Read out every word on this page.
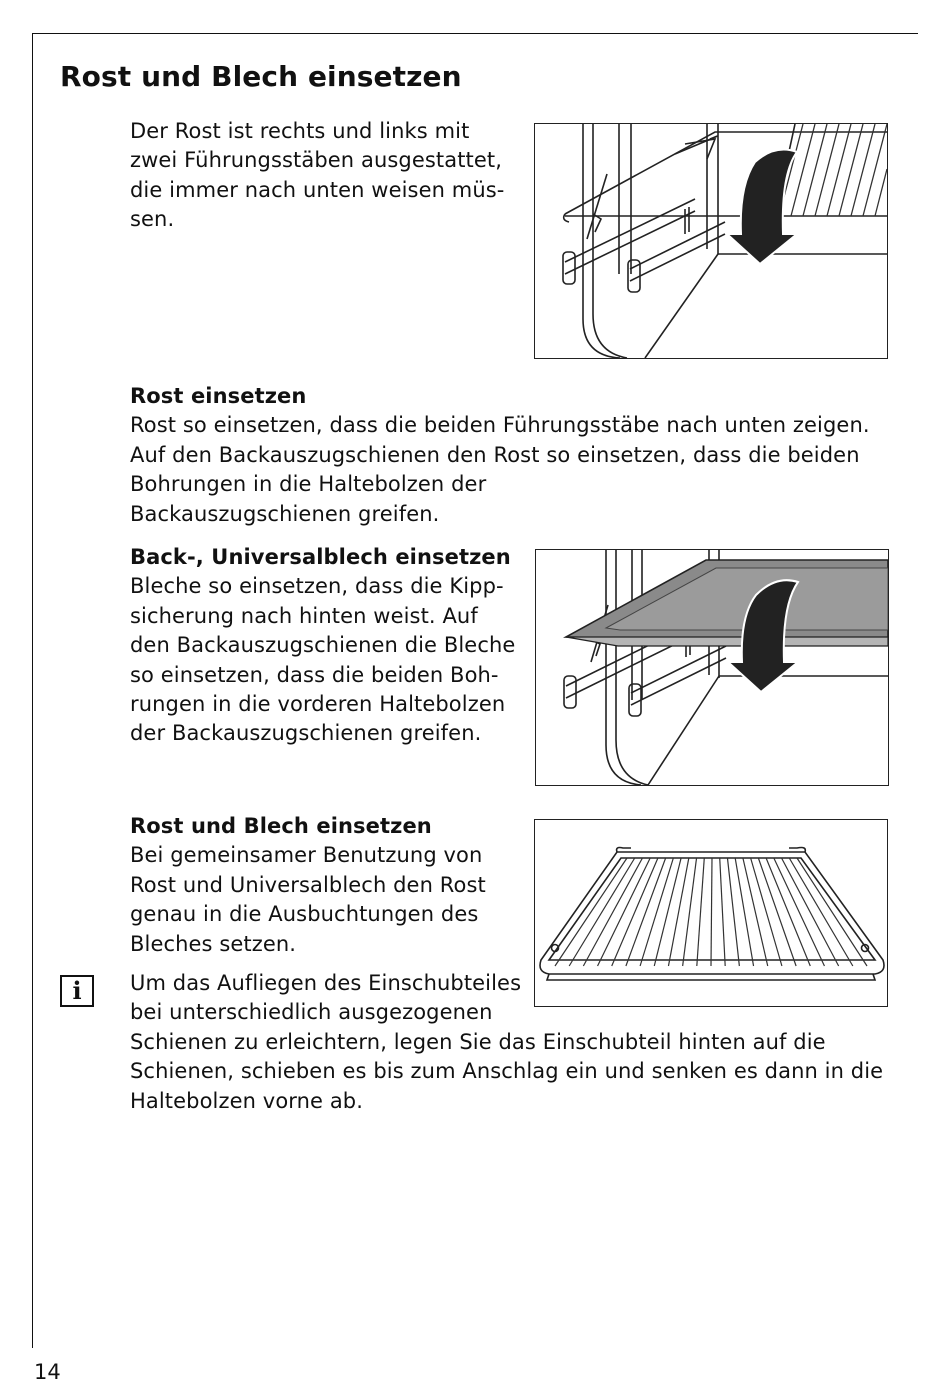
Rost und Blech einsetzen
Der Rost ist rechts und links mit
zwei Führungsstäben ausgestattet,
die immer nach unten weisen müs-
sen.
Rost einsetzen
Rost so einsetzen, dass die beiden Führungsstäbe nach unten zeigen.
Auf den Backauszugschienen den Rost so einsetzen, dass die beiden
Bohrungen in die Haltebolzen der
Backauszugschienen greifen.
Back-, Universalblech einsetzen
Bleche so einsetzen, dass die Kipp-
sicherung nach hinten weist. Auf
den Backauszugschienen die Bleche
so einsetzen, dass die beiden Boh-
rungen in die vorderen Haltebolzen
der Backauszugschienen greifen.
Rost und Blech einsetzen
Bei gemeinsamer Benutzung von
Rost und Universalblech den Rost
genau in die Ausbuchtungen des
Bleches setzen.
i	Um das Aufliegen des Einschubteiles
bei unterschiedlich ausgezogenen
Schienen zu erleichtern, legen Sie das Einschubteil hinten auf die
Schienen, schieben es bis zum Anschlag ein und senken es dann in die
Haltebolzen vorne ab.

14
